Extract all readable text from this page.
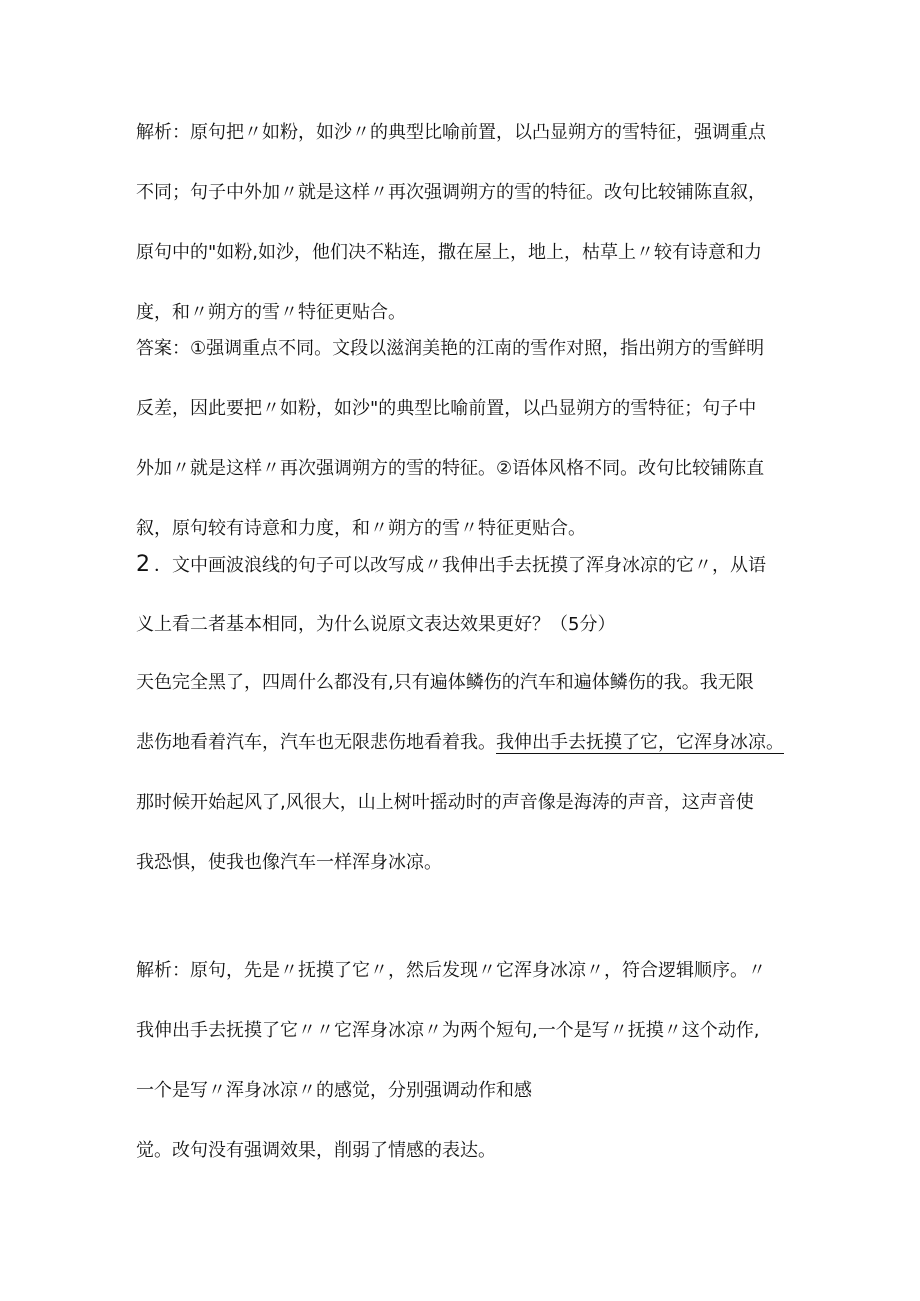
解析：原句把〃如粉，如沙〃的典型比喻前置，以凸显朔方的雪特征，强调重点
不同；句子中外加〃就是这样〃再次强调朔方的雪的特征。改句比较铺陈直叙，
原句中的"如粉,如沙，他们决不粘连，撒在屋上，地上，枯草上〃较有诗意和力
度，和〃朔方的雪〃特征更贴合。
答案：①强调重点不同。文段以滋润美艳的江南的雪作对照，指出朔方的雪鲜明
反差，因此要把〃如粉，如沙"的典型比喻前置，以凸显朔方的雪特征；句子中
外加〃就是这样〃再次强调朔方的雪的特征。②语体风格不同。改句比较铺陈直
叙，原句较有诗意和力度，和〃朔方的雪〃特征更贴合。
2 ．文中画波浪线的句子可以改写成〃我伸出手去抚摸了浑身冰凉的它〃，从语
义上看二者基本相同，为什么说原文表达效果更好？（5分）
天色完全黑了，四周什么都没有,只有遍体鳞伤的汽车和遍体鳞伤的我。我无限
悲伤地看着汽车，汽车也无限悲伤地看着我。我伸出手去抚摸了它，它浑身冰凉。
那时候开始起风了,风很大，山上树叶摇动时的声音像是海涛的声音，这声音使
我恐惧，使我也像汽车一样浑身冰凉。
解析：原句，先是〃抚摸了它〃，然后发现〃它浑身冰凉〃，符合逻辑顺序。〃
我伸出手去抚摸了它〃〃它浑身冰凉〃为两个短句,一个是写〃抚摸〃这个动作,
一个是写〃浑身冰凉〃的感觉，分别强调动作和感
觉。改句没有强调效果，削弱了情感的表达。
